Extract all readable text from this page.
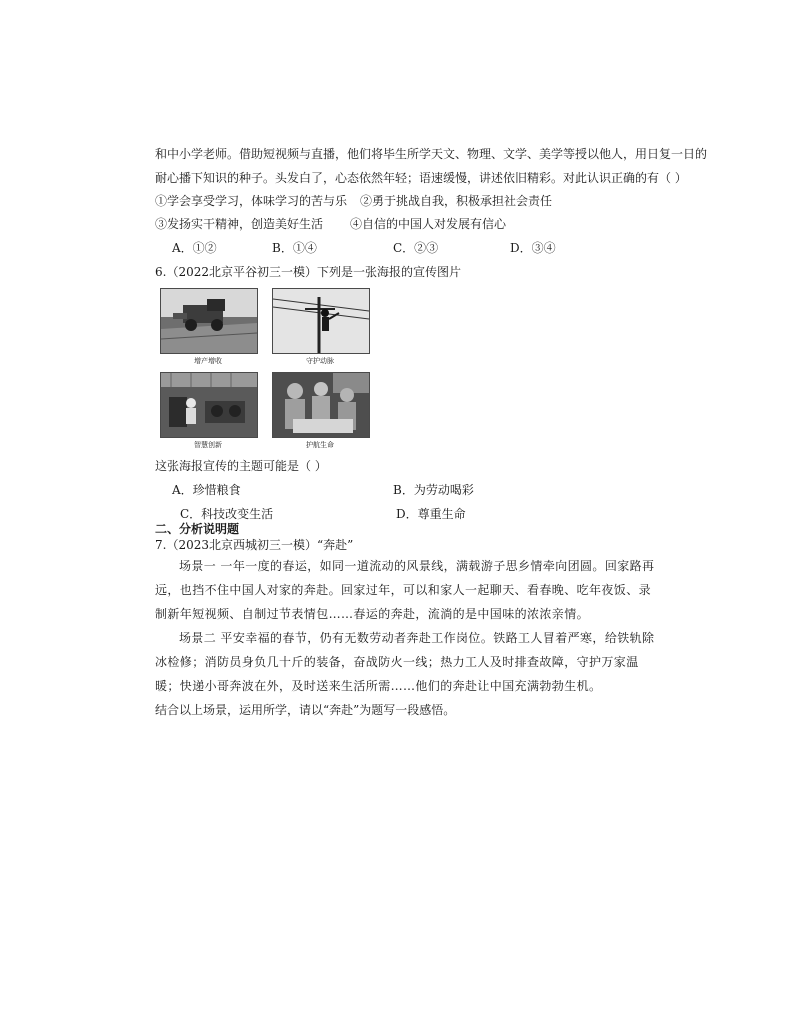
和中小学老师。借助短视频与直播，他们将毕生所学天文、物理、文学、美学等授以他人，用日复一日的
耐心播下知识的种子。头发白了，心态依然年轻；语速缓慢，讲述依旧精彩。对此认识正确的有（ ）
①学会享受学习，体味学习的苦与乐 ②勇于挑战自我，积极承担社会责任
③发扬实干精神，创造美好生活 ④自信的中国人对发展有信心
A．①②	B．①④	C．②③	D．③④
6.（2022北京平谷初三一模）下列是一张海报的宣传图片
增产增收	守护动脉
智慧创新	护航生命
这张海报宣传的主题可能是（ ）
A．珍惜粮食	B．为劳动喝彩
C．科技改变生活	D．尊重生命
二、分析说明题
7.（2023北京西城初三一模）“奔赴”

场景一 一年一度的春运，如同一道流动的风景线，满载游子思乡情牵向团圆。回家路再远，也挡不住中国人对家的奔赴。回家过年，可以和家人一起聊天、看春晚、吃年夜饭、录制新年短视频、自制过节表情包……春运的奔赴，流淌的是中国味的浓浓亲情。

场景二 平安幸福的春节，仍有无数劳动者奔赴工作岗位。铁路工人冒着严寒，给铁轨除冰检修；消防员身负几十斤的装备，奋战防火一线；热力工人及时排查故障，守护万家温暖；快递小哥奔波在外，及时送来生活所需……他们的奔赴让中国充满勃勃生机。

结合以上场景，运用所学，请以“奔赴”为题写一段感悟。
